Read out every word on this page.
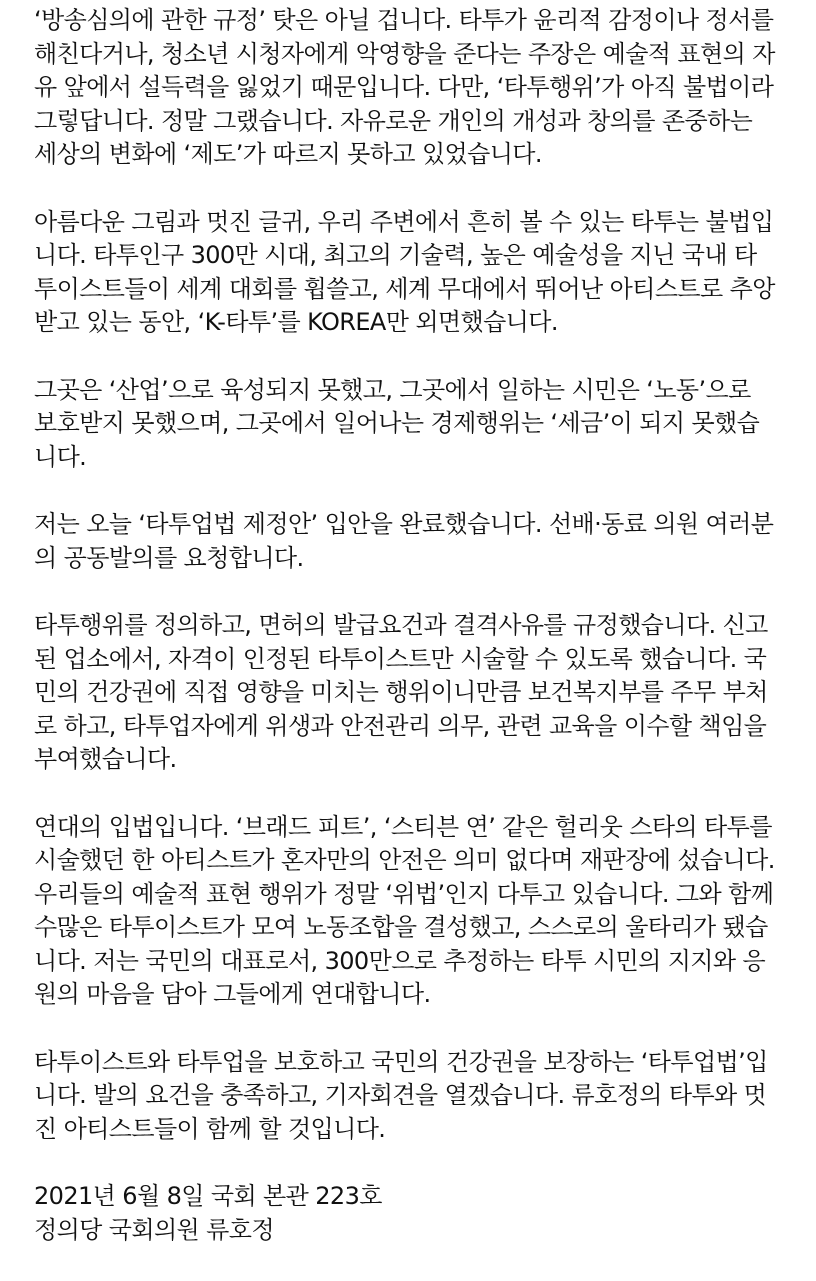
‘방송심의에 관한 규정’ 탓은 아닐 겁니다. 타투가 윤리적 감정이나 정서를
해친다거나, 청소년 시청자에게 악영향을 준다는 주장은 예술적 표현의 자
유 앞에서 설득력을 잃었기 때문입니다. 다만, ‘타투행위’가 아직 불법이라
그렇답니다. 정말 그랬습니다. 자유로운 개인의 개성과 창의를 존중하는
세상의 변화에 ‘제도’가 따르지 못하고 있었습니다.
아름다운 그림과 멋진 글귀, 우리 주변에서 흔히 볼 수 있는 타투는 불법입
니다. 타투인구 300만 시대, 최고의 기술력, 높은 예술성을 지닌 국내 타
투이스트들이 세계 대회를 휩쓸고, 세계 무대에서 뛰어난 아티스트로 추앙
받고 있는 동안, ‘K-타투’를 KOREA만 외면했습니다.
그곳은 ‘산업’으로 육성되지 못했고, 그곳에서 일하는 시민은 ‘노동’으로
보호받지 못했으며, 그곳에서 일어나는 경제행위는 ‘세금’이 되지 못했습
니다.
저는 오늘 ‘타투업법 제정안’ 입안을 완료했습니다. 선배·동료 의원 여러분
의 공동발의를 요청합니다.
타투행위를 정의하고, 면허의 발급요건과 결격사유를 규정했습니다. 신고
된 업소에서, 자격이 인정된 타투이스트만 시술할 수 있도록 했습니다. 국
민의 건강권에 직접 영향을 미치는 행위이니만큼 보건복지부를 주무 부처
로 하고, 타투업자에게 위생과 안전관리 의무, 관련 교육을 이수할 책임을
부여했습니다.
연대의 입법입니다. ‘브래드 피트’, ‘스티븐 연’ 같은 헐리웃 스타의 타투를
시술했던 한 아티스트가 혼자만의 안전은 의미 없다며 재판장에 섰습니다.
우리들의 예술적 표현 행위가 정말 ‘위법’인지 다투고 있습니다. 그와 함께
수많은 타투이스트가 모여 노동조합을 결성했고, 스스로의 울타리가 됐습
니다. 저는 국민의 대표로서, 300만으로 추정하는 타투 시민의 지지와 응
원의 마음을 담아 그들에게 연대합니다.
타투이스트와 타투업을 보호하고 국민의 건강권을 보장하는 ‘타투업법’입
니다. 발의 요건을 충족하고, 기자회견을 열겠습니다. 류호정의 타투와 멋
진 아티스트들이 함께 할 것입니다.
2021년 6월 8일 국회 본관 223호
정의당 국회의원 류호정
